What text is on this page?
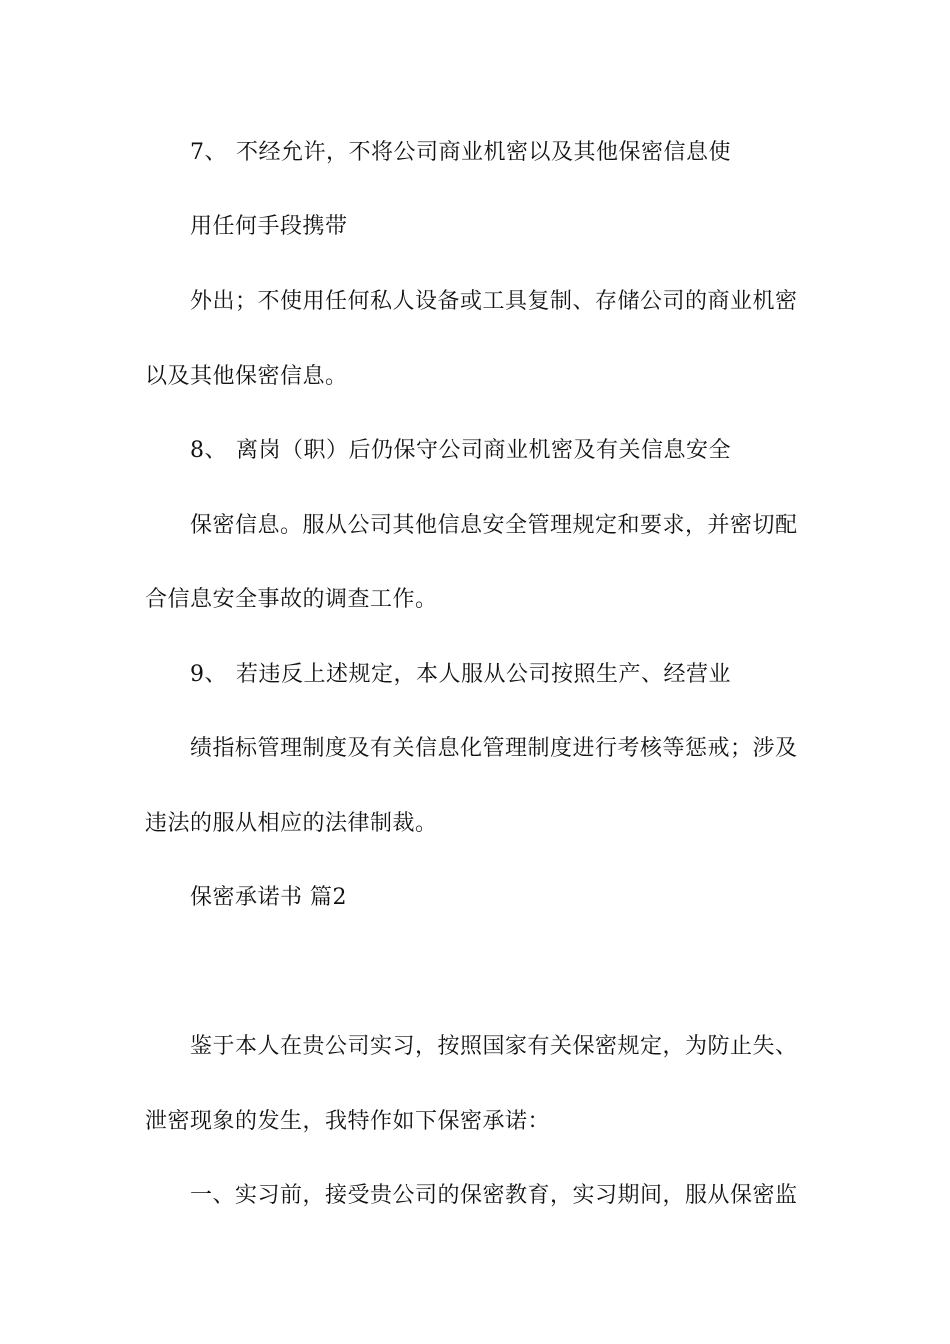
7、 不经允许，不将公司商业机密以及其他保密信息使
用任何手段携带
外出；不使用任何私人设备或工具复制、存储公司的商业机密
以及其他保密信息。
8、 离岗（职）后仍保守公司商业机密及有关信息安全
保密信息。服从公司其他信息安全管理规定和要求，并密切配
合信息安全事故的调查工作。
9、 若违反上述规定，本人服从公司按照生产、经营业
绩指标管理制度及有关信息化管理制度进行考核等惩戒；涉及
违法的服从相应的法律制裁。
保密承诺书 篇2
鉴于本人在贵公司实习，按照国家有关保密规定，为防止失、
泄密现象的发生，我特作如下保密承诺：
一、实习前，接受贵公司的保密教育，实习期间，服从保密监
